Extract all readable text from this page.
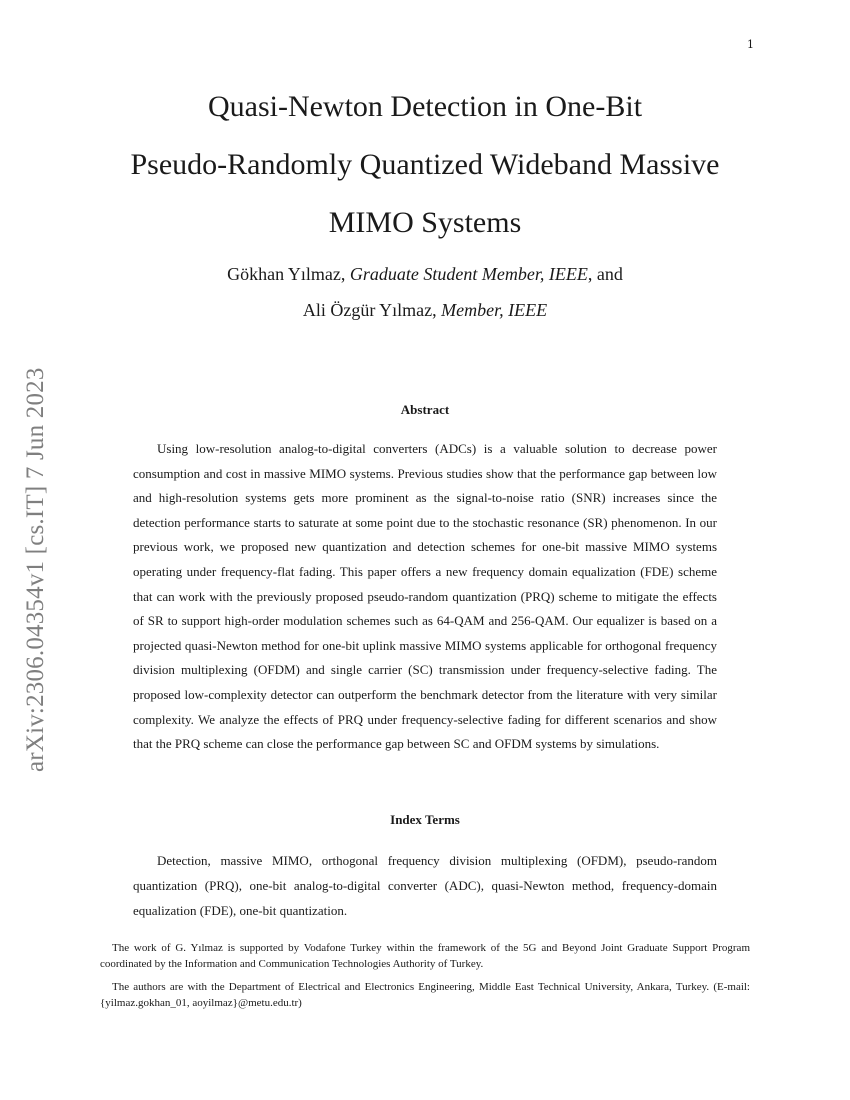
1
arXiv:2306.04354v1 [cs.IT] 7 Jun 2023
Quasi-Newton Detection in One-Bit
Pseudo-Randomly Quantized Wideband Massive
MIMO Systems
Gökhan Yılmaz, Graduate Student Member, IEEE, and
Ali Özgür Yılmaz, Member, IEEE
Abstract

Using low-resolution analog-to-digital converters (ADCs) is a valuable solution to decrease power consumption and cost in massive MIMO systems. Previous studies show that the performance gap between low and high-resolution systems gets more prominent as the signal-to-noise ratio (SNR) increases since the detection performance starts to saturate at some point due to the stochastic resonance (SR) phenomenon. In our previous work, we proposed new quantization and detection schemes for one-bit massive MIMO systems operating under frequency-flat fading. This paper offers a new frequency domain equalization (FDE) scheme that can work with the previously proposed pseudo-random quantization (PRQ) scheme to mitigate the effects of SR to support high-order modulation schemes such as 64-QAM and 256-QAM. Our equalizer is based on a projected quasi-Newton method for one-bit uplink massive MIMO systems applicable for orthogonal frequency division multiplexing (OFDM) and single carrier (SC) transmission under frequency-selective fading. The proposed low-complexity detector can outperform the benchmark detector from the literature with very similar complexity. We analyze the effects of PRQ under frequency-selective fading for different scenarios and show that the PRQ scheme can close the performance gap between SC and OFDM systems by simulations.

Index Terms

Detection, massive MIMO, orthogonal frequency division multiplexing (OFDM), pseudo-random quantization (PRQ), one-bit analog-to-digital converter (ADC), quasi-Newton method, frequency-domain equalization (FDE), one-bit quantization.

The work of G. Yılmaz is supported by Vodafone Turkey within the framework of the 5G and Beyond Joint Graduate Support Program coordinated by the Information and Communication Technologies Authority of Turkey.

The authors are with the Department of Electrical and Electronics Engineering, Middle East Technical University, Ankara, Turkey. (E-mail: {yilmaz.gokhan_01, aoyilmaz}@metu.edu.tr)
